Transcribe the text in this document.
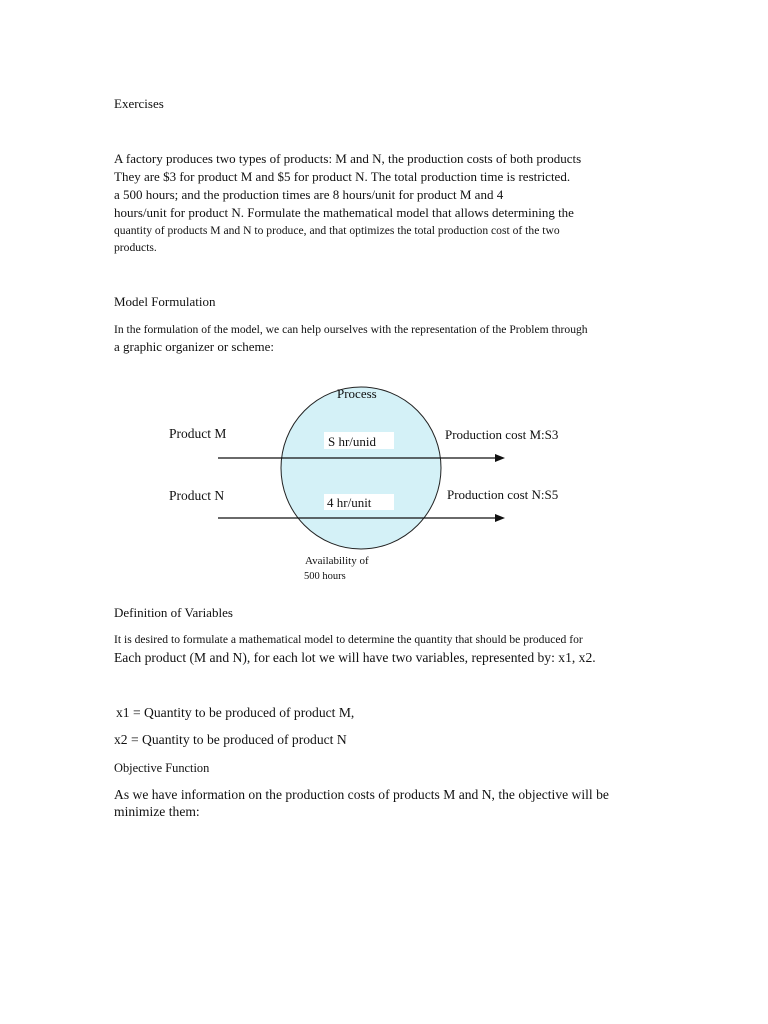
Exercises
A factory produces two types of products: M and N, the production costs of both products
They are $3 for product M and $5 for product N. The total production time is restricted.
a 500 hours; and the production times are 8 hours/unit for product M and 4
hours/unit for product N. Formulate the mathematical model that allows determining the
quantity of products M and N to produce, and that optimizes the total production cost of the two
products.
Model Formulation
In the formulation of the model, we can help ourselves with the representation of the Problem through
a graphic organizer or scheme:
Process
Product M
Product N
S hr/unid
4 hr/unit
Production cost M:S3
Production cost N:S5
Availability of
500 hours
Definition of Variables
It is desired to formulate a mathematical model to determine the quantity that should be produced for
Each product (M and N), for each lot we will have two variables, represented by: x1, x2.
x1 = Quantity to be produced of product M,
x2 = Quantity to be produced of product N
Objective Function
As we have information on the production costs of products M and N, the objective will be
minimize them:
